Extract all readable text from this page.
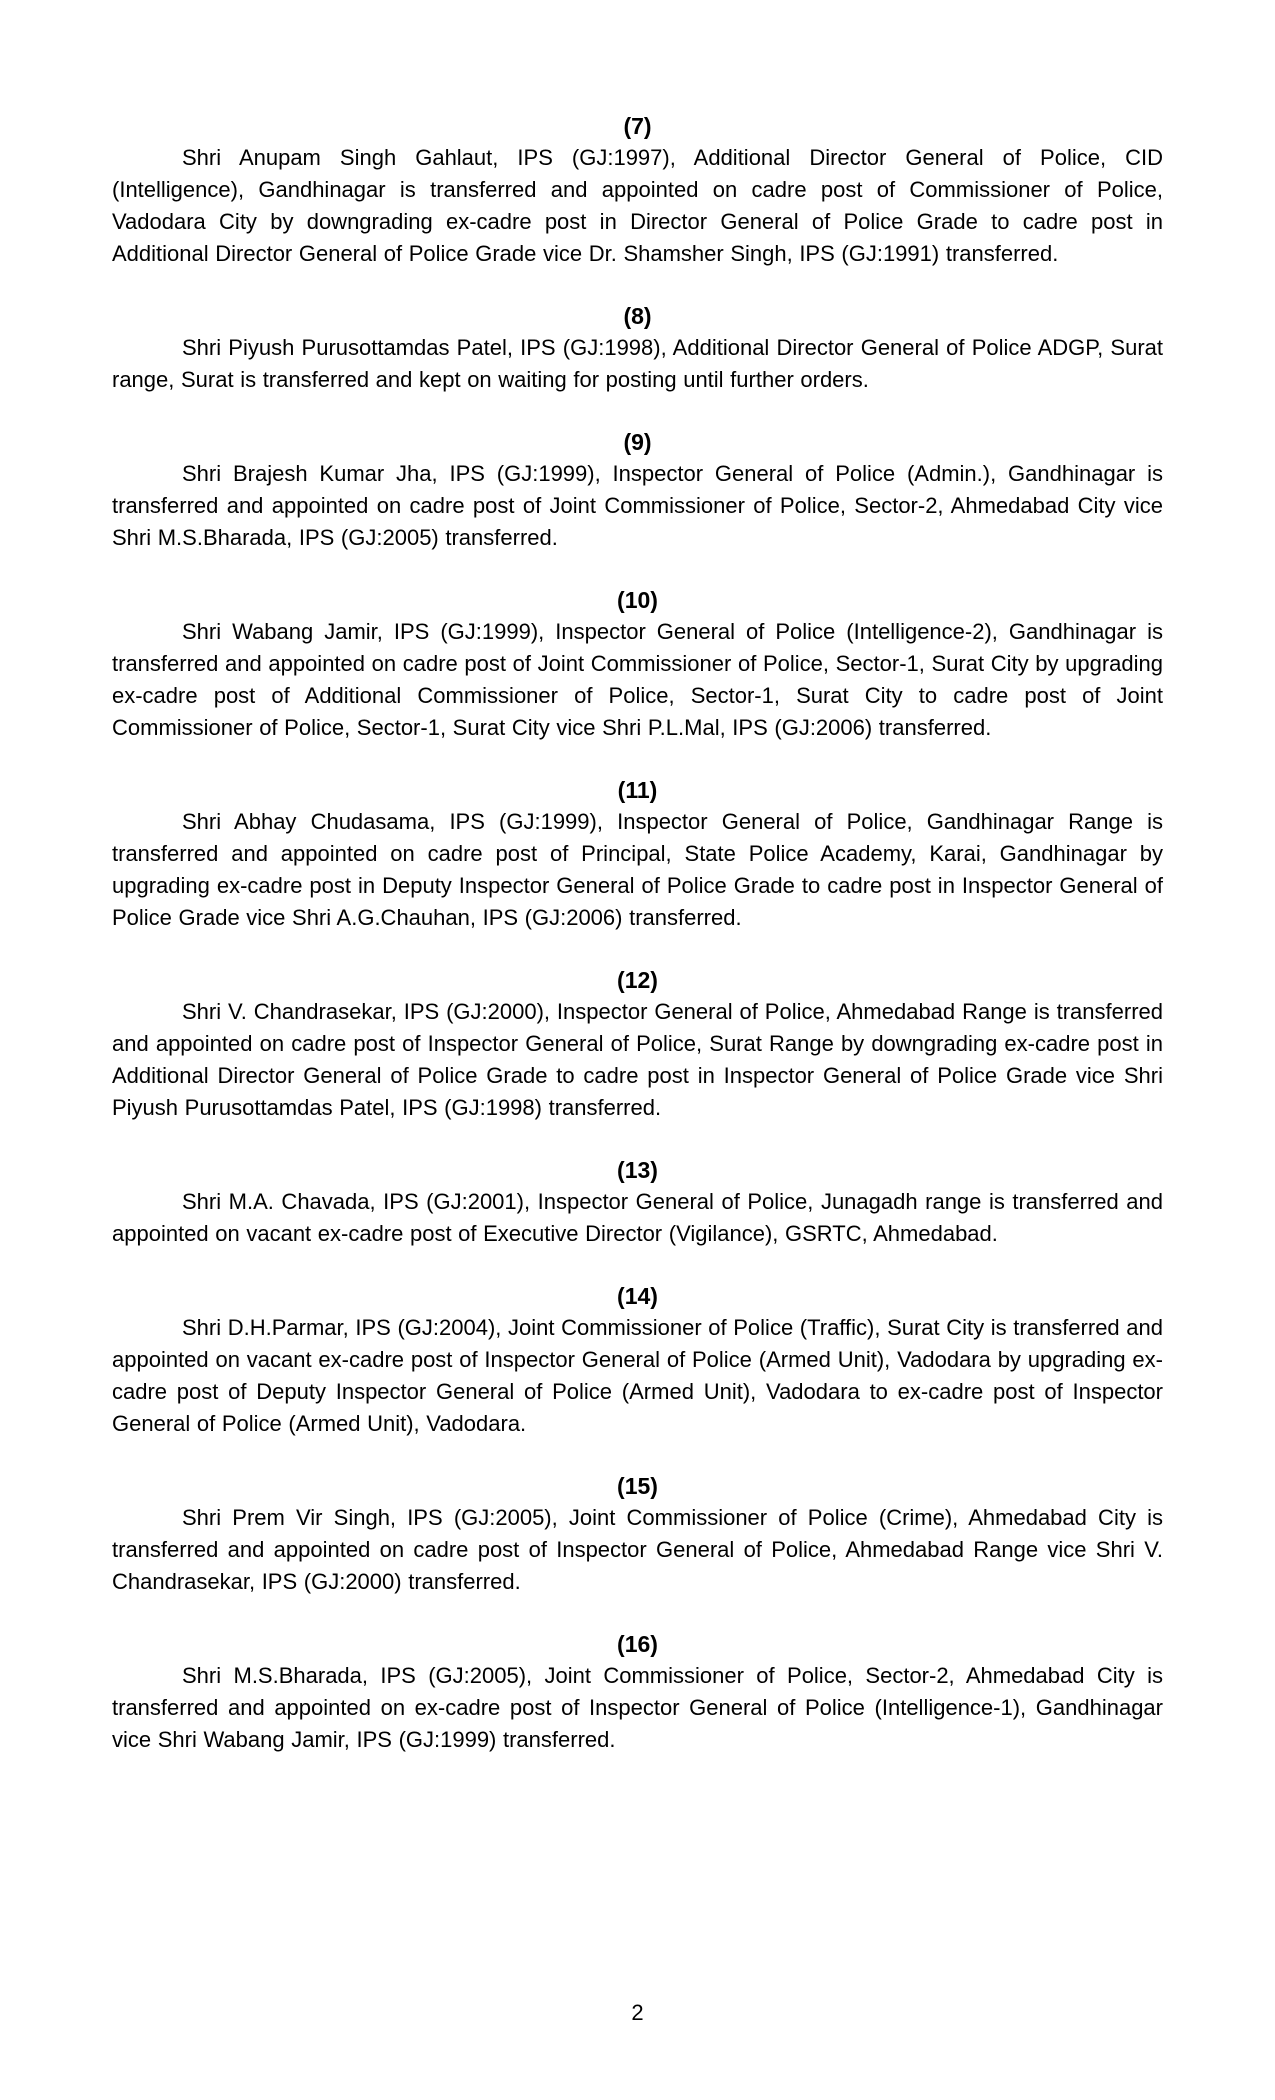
(7)

Shri Anupam Singh Gahlaut, IPS (GJ:1997), Additional Director General of Police, CID (Intelligence), Gandhinagar is transferred and appointed on cadre post of Commissioner of Police, Vadodara City by downgrading ex-cadre post in Director General of Police Grade to cadre post in Additional Director General of Police Grade vice Dr. Shamsher Singh, IPS (GJ:1991) transferred.

(8)

Shri Piyush Purusottamdas Patel, IPS (GJ:1998), Additional Director General of Police ADGP, Surat range, Surat is transferred and kept on waiting for posting until further orders.

(9)

Shri Brajesh Kumar Jha, IPS (GJ:1999), Inspector General of Police (Admin.), Gandhinagar is transferred and appointed on cadre post of Joint Commissioner of Police, Sector-2, Ahmedabad City vice Shri M.S.Bharada, IPS (GJ:2005) transferred.

(10)

Shri Wabang Jamir, IPS (GJ:1999), Inspector General of Police (Intelligence-2), Gandhinagar is transferred and appointed on cadre post of Joint Commissioner of Police, Sector-1, Surat City by upgrading ex-cadre post of Additional Commissioner of Police, Sector-1, Surat City to cadre post of Joint Commissioner of Police, Sector-1, Surat City vice Shri P.L.Mal, IPS (GJ:2006) transferred.

(11)

Shri Abhay Chudasama, IPS (GJ:1999), Inspector General of Police, Gandhinagar Range is transferred and appointed on cadre post of Principal, State Police Academy, Karai, Gandhinagar by upgrading ex-cadre post in Deputy Inspector General of Police Grade to cadre post in Inspector General of Police Grade vice Shri A.G.Chauhan, IPS (GJ:2006) transferred.

(12)

Shri V. Chandrasekar, IPS (GJ:2000), Inspector General of Police, Ahmedabad Range is transferred and appointed on cadre post of Inspector General of Police, Surat Range by downgrading ex-cadre post in Additional Director General of Police Grade to cadre post in Inspector General of Police Grade vice Shri Piyush Purusottamdas Patel, IPS (GJ:1998) transferred.

(13)

Shri M.A. Chavada, IPS (GJ:2001), Inspector General of Police, Junagadh range is transferred and appointed on vacant ex-cadre post of Executive Director (Vigilance), GSRTC, Ahmedabad.

(14)

Shri D.H.Parmar, IPS (GJ:2004), Joint Commissioner of Police (Traffic), Surat City is transferred and appointed on vacant ex-cadre post of Inspector General of Police (Armed Unit), Vadodara by upgrading ex-cadre post of Deputy Inspector General of Police (Armed Unit), Vadodara to ex-cadre post of Inspector General of Police (Armed Unit), Vadodara.

(15)

Shri Prem Vir Singh, IPS (GJ:2005), Joint Commissioner of Police (Crime), Ahmedabad City is transferred and appointed on cadre post of Inspector General of Police, Ahmedabad Range vice Shri V. Chandrasekar, IPS (GJ:2000) transferred.

(16)

Shri M.S.Bharada, IPS (GJ:2005), Joint Commissioner of Police, Sector-2, Ahmedabad City is transferred and appointed on ex-cadre post of Inspector General of Police (Intelligence-1), Gandhinagar vice Shri Wabang Jamir, IPS (GJ:1999) transferred.

2
